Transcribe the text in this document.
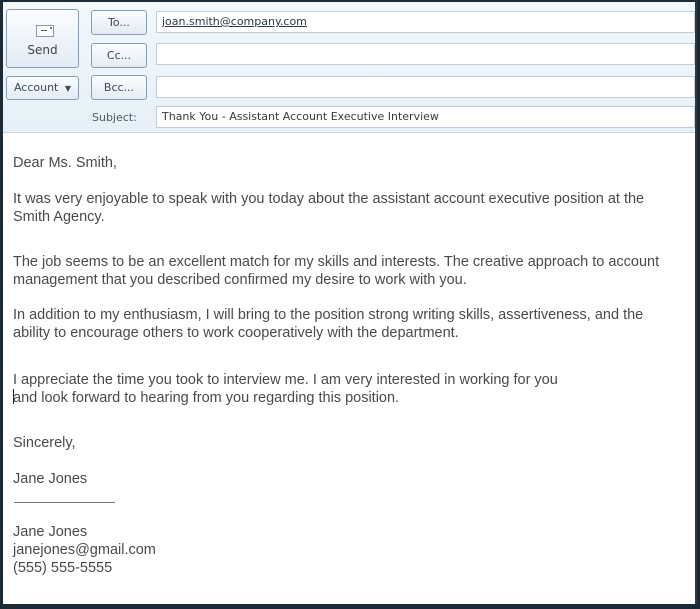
Send
Account ▼
To...
Cc...
Bcc...
joan.smith@company.com
Subject:	Thank You - Assistant Account Executive Interview

Dear Ms. Smith,

It was very enjoyable to speak with you today about the assistant account executive position at the Smith Agency.

The job seems to be an excellent match for my skills and interests. The creative approach to account management that you described confirmed my desire to work with you.

In addition to my enthusiasm, I will bring to the position strong writing skills, assertiveness, and the ability to encourage others to work cooperatively with the department.

I appreciate the time you took to interview me. I am very interested in working for you
and look forward to hearing from you regarding this position.

Sincerely,

Jane Jones

Jane Jones
janejones@gmail.com
(555) 555-5555
